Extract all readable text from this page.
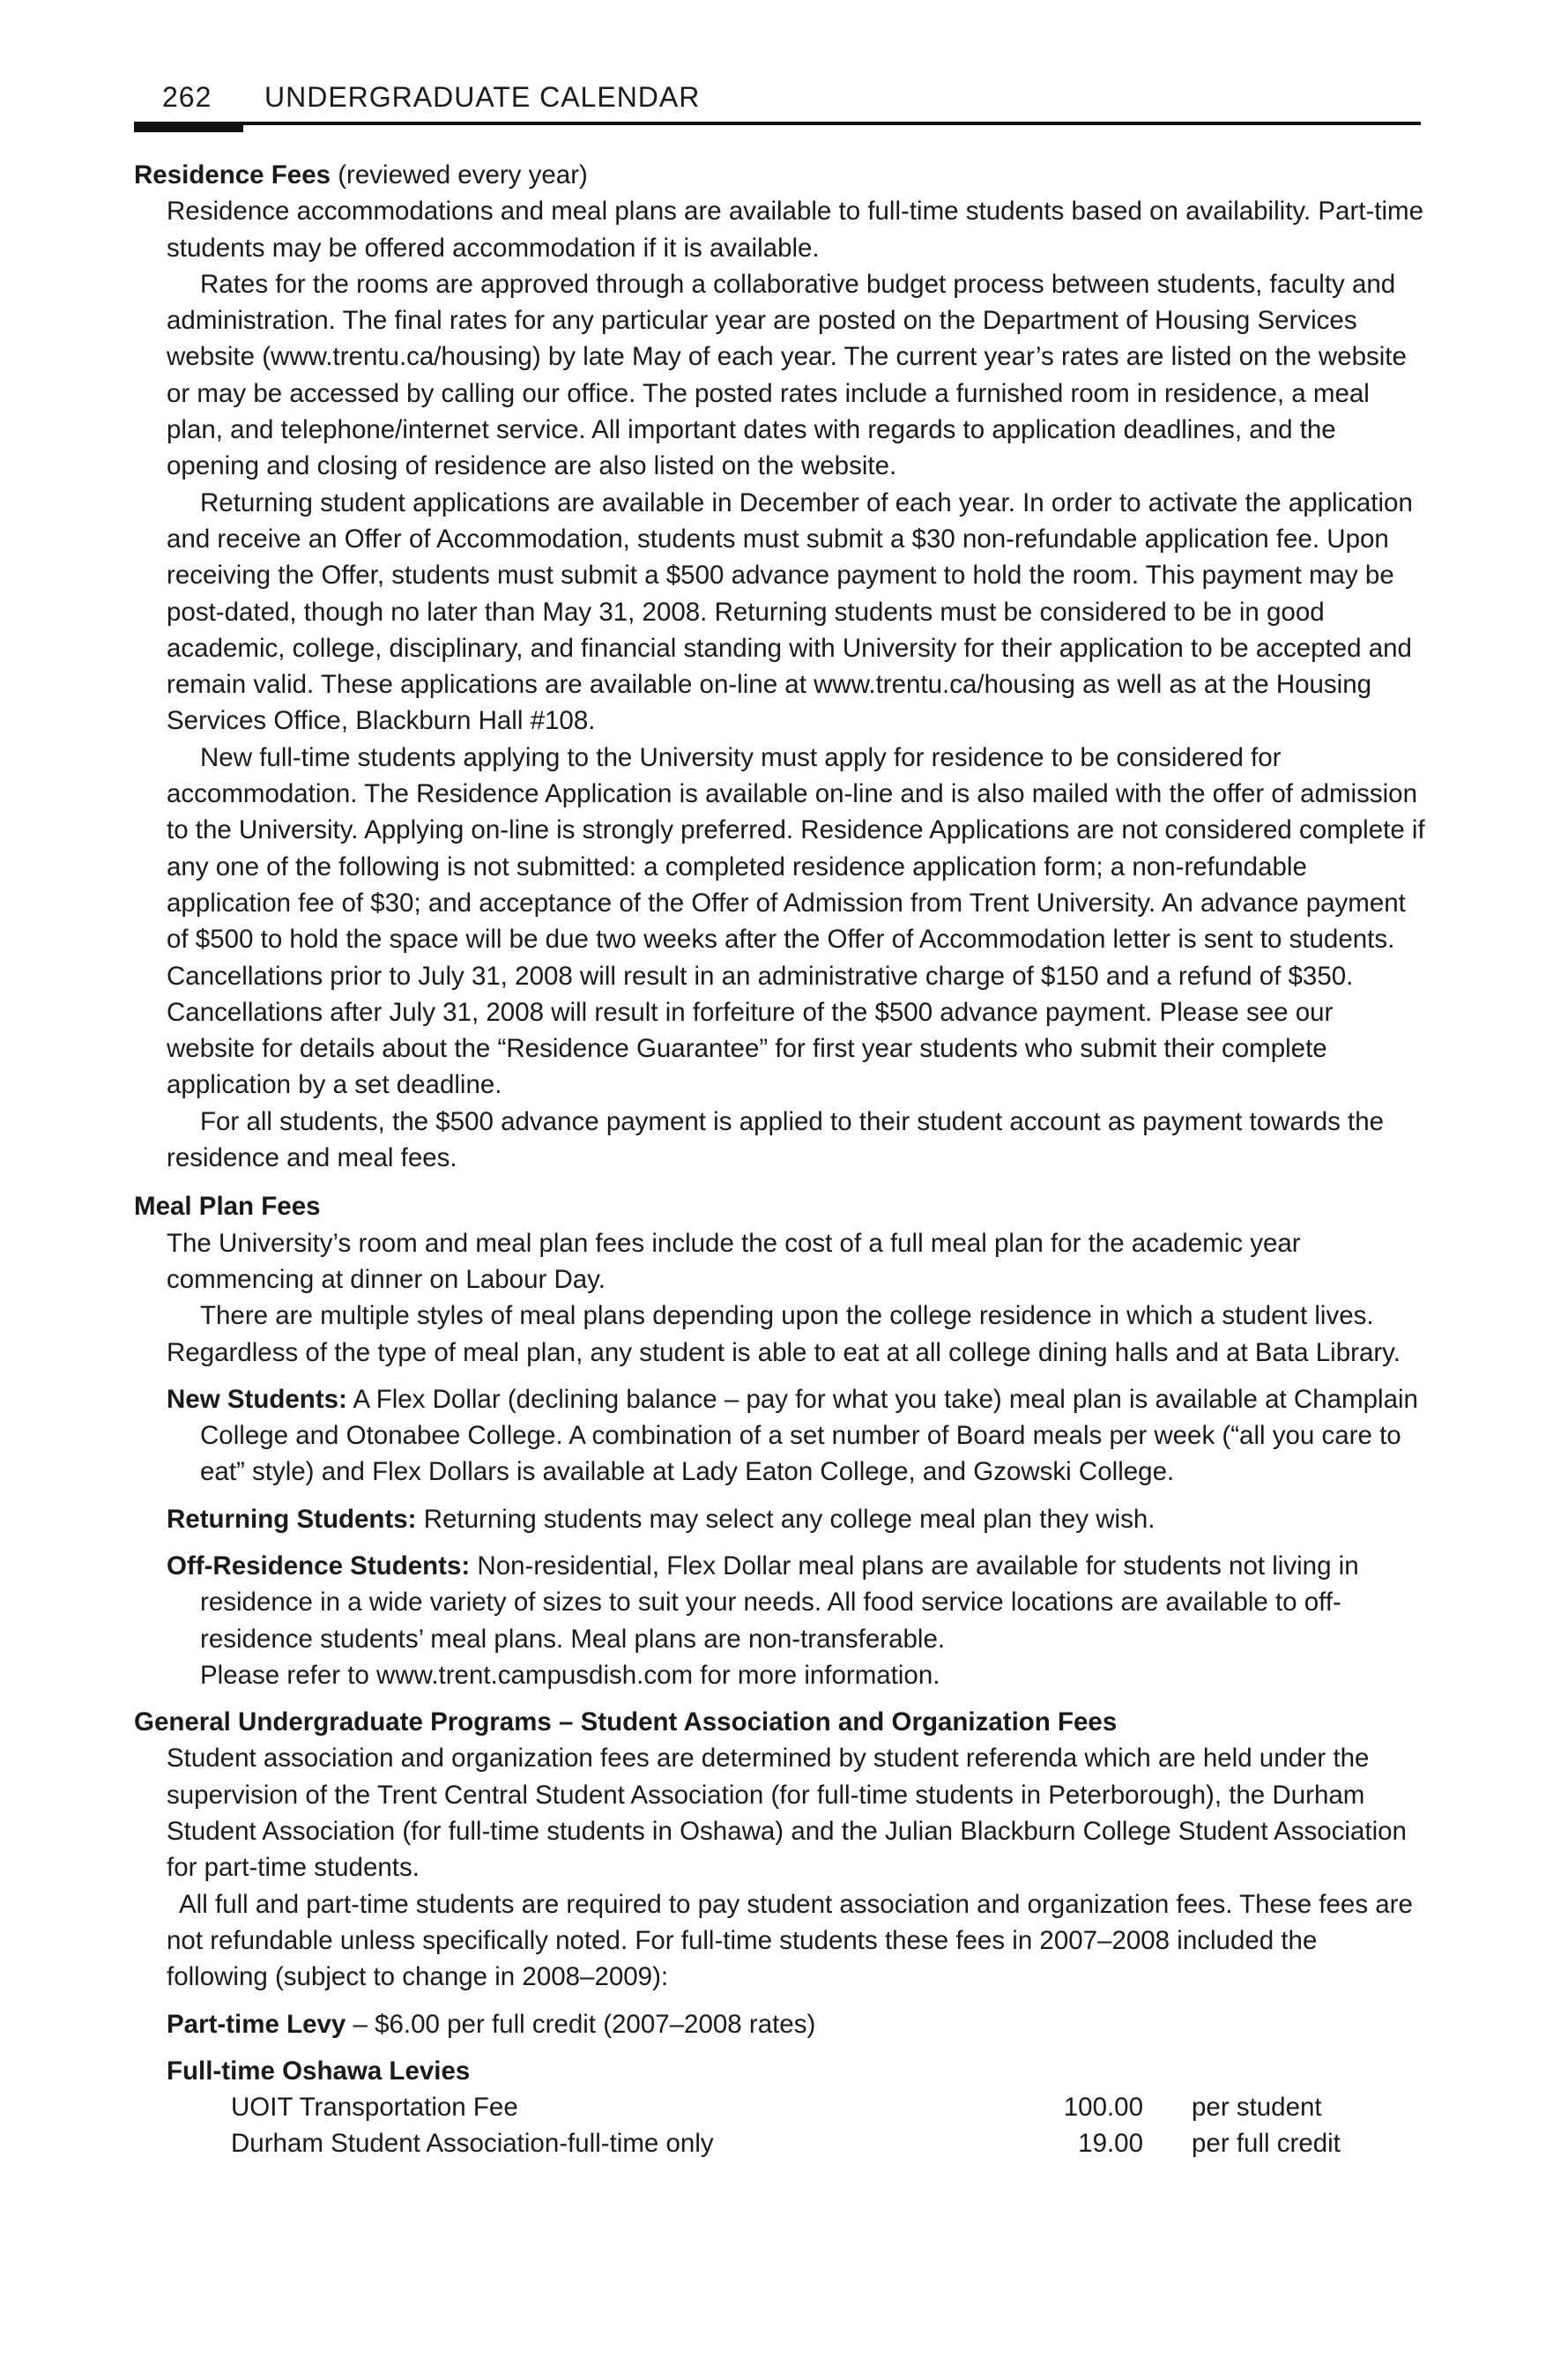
262 UNDERGRADUATE CALENDAR
Residence Fees (reviewed every year)

Residence accommodations and meal plans are available to full-time students based on availability. Part-time students may be offered accommodation if it is available.

Rates for the rooms are approved through a collaborative budget process between students, faculty and administration. The final rates for any particular year are posted on the Department of Housing Services website (www.trentu.ca/housing) by late May of each year. The current year’s rates are listed on the website or may be accessed by calling our office. The posted rates include a furnished room in residence, a meal plan, and telephone/internet service. All important dates with regards to application deadlines, and the opening and closing of residence are also listed on the website.

Returning student applications are available in December of each year. In order to activate the application and receive an Offer of Accommodation, students must submit a $30 non-refundable application fee. Upon receiving the Offer, students must submit a $500 advance payment to hold the room. This payment may be post-dated, though no later than May 31, 2008. Returning students must be considered to be in good academic, college, disciplinary, and financial standing with University for their application to be accepted and remain valid. These applications are available on-line at www.trentu.ca/housing as well as at the Housing Services Office, Blackburn Hall #108.

New full-time students applying to the University must apply for residence to be considered for accommodation. The Residence Application is available on-line and is also mailed with the offer of admission to the University. Applying on-line is strongly preferred. Residence Applications are not considered complete if any one of the following is not submitted: a completed residence application form; a non-refundable application fee of $30; and acceptance of the Offer of Admission from Trent University. An advance payment of $500 to hold the space will be due two weeks after the Offer of Accommodation letter is sent to students. Cancellations prior to July 31, 2008 will result in an administrative charge of $150 and a refund of $350. Cancellations after July 31, 2008 will result in forfeiture of the $500 advance payment. Please see our website for details about the “Residence Guarantee” for first year students who submit their complete application by a set deadline.

For all students, the $500 advance payment is applied to their student account as payment towards the residence and meal fees.

Meal Plan Fees

The University’s room and meal plan fees include the cost of a full meal plan for the academic year commencing at dinner on Labour Day.

There are multiple styles of meal plans depending upon the college residence in which a student lives. Regardless of the type of meal plan, any student is able to eat at all college dining halls and at Bata Library.

New Students: A Flex Dollar (declining balance – pay for what you take) meal plan is available at Champlain College and Otonabee College. A combination of a set number of Board meals per week (“all you care to eat” style) and Flex Dollars is available at Lady Eaton College, and Gzowski College.

Returning Students: Returning students may select any college meal plan they wish.

Off-Residence Students: Non-residential, Flex Dollar meal plans are available for students not living in residence in a wide variety of sizes to suit your needs. All food service locations are available to off-residence students’ meal plans. Meal plans are non-transferable.

Please refer to www.trent.campusdish.com for more information.

General Undergraduate Programs – Student Association and Organization Fees

Student association and organization fees are determined by student referenda which are held under the supervision of the Trent Central Student Association (for full-time students in Peterborough), the Durham Student Association (for full-time students in Oshawa) and the Julian Blackburn College Student Association for part-time students.

All full and part-time students are required to pay student association and organization fees. These fees are not refundable unless specifically noted. For full-time students these fees in 2007–2008 included the following (subject to change in 2008–2009):

Part-time Levy – $6.00 per full credit (2007–2008 rates)

Full-time Oshawa Levies
UOIT Transportation Fee	100.00 per student
Durham Student Association-full-time only	19.00 per full credit
